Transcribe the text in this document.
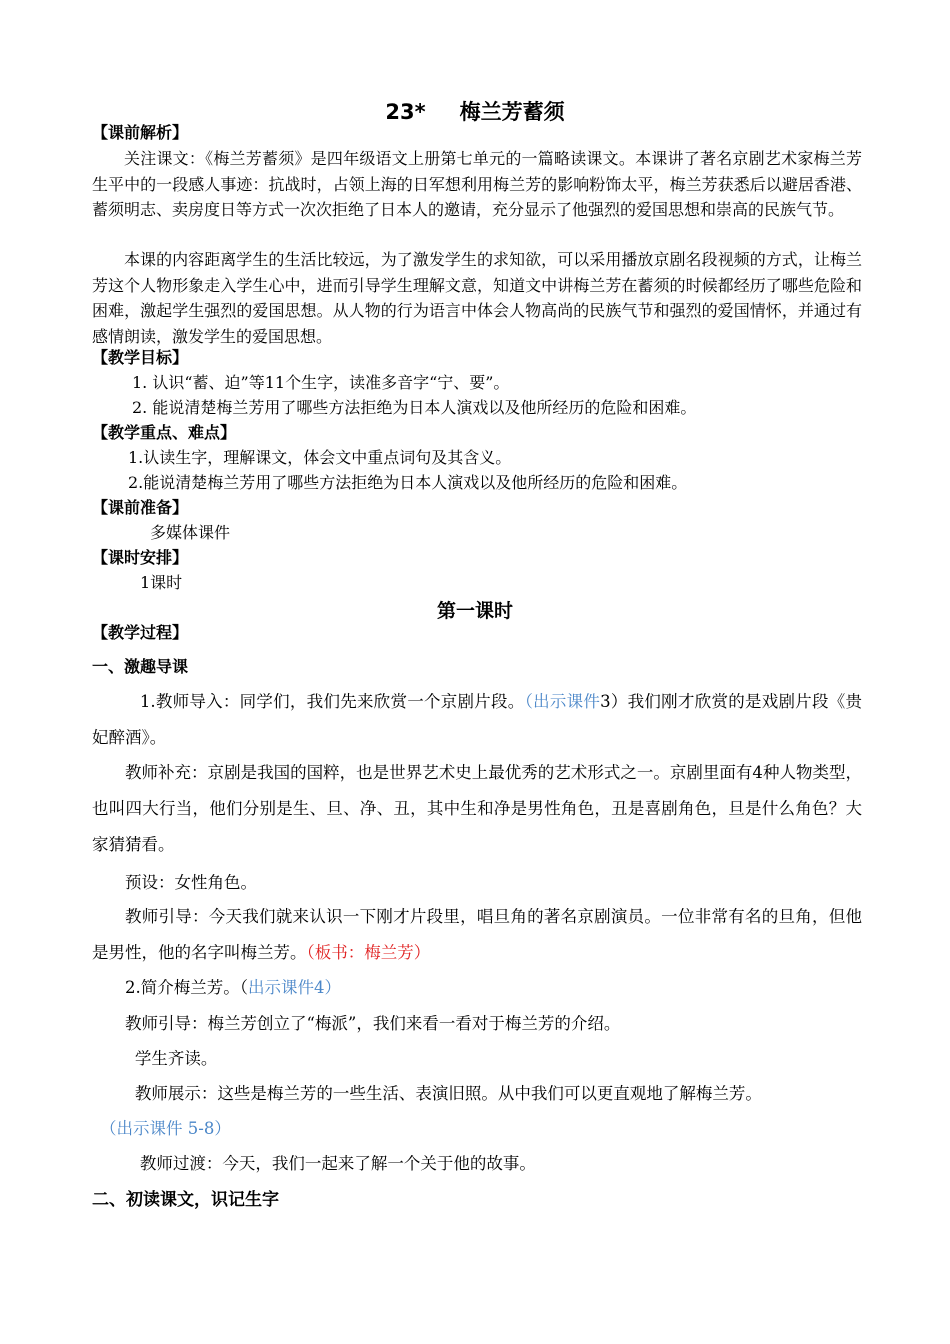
23* 梅兰芳蓄须
【课前解析】
关注课文：《梅兰芳蓄须》是四年级语文上册第七单元的一篇略读课文。本课讲了著名京剧艺术家梅兰芳生平中的一段感人事迹：抗战时，占领上海的日军想利用梅兰芳的影响粉饰太平，梅兰芳获悉后以避居香港、蓄须明志、卖房度日等方式一次次拒绝了日本人的邀请，充分显示了他强烈的爱国思想和崇高的民族气节。
本课的内容距离学生的生活比较远，为了激发学生的求知欲，可以采用播放京剧名段视频的方式，让梅兰芳这个人物形象走入学生心中，进而引导学生理解文意，知道文中讲梅兰芳在蓄须的时候都经历了哪些危险和困难，激起学生强烈的爱国思想。从人物的行为语言中体会人物高尚的民族气节和强烈的爱国情怀，并通过有感情朗读，激发学生的爱国思想。
【教学目标】
1. 认识“蓄、迫”等11个生字，读准多音字“宁、要”。
2. 能说清楚梅兰芳用了哪些方法拒绝为日本人演戏以及他所经历的危险和困难。
【教学重点、难点】
1.认读生字，理解课文，体会文中重点词句及其含义。
2.能说清楚梅兰芳用了哪些方法拒绝为日本人演戏以及他所经历的危险和困难。
【课前准备】
多媒体课件
【课时安排】
1课时
第一课时
【教学过程】
一、激趣导课
1.教师导入：同学们，我们先来欣赏一个京剧片段。（出示课件3）我们刚才欣赏的是戏剧片段《贵妃醉酒》。
教师补充：京剧是我国的国粹，也是世界艺术史上最优秀的艺术形式之一。京剧里面有4种人物类型，也叫四大行当，他们分别是生、旦、净、丑，其中生和净是男性角色，丑是喜剧角色，旦是什么角色？大家猜猜看。
预设：女性角色。
教师引导：今天我们就来认识一下刚才片段里，唱旦角的著名京剧演员。一位非常有名的旦角，但他是男性，他的名字叫梅兰芳。（板书：梅兰芳）
2.简介梅兰芳。（出示课件4）
教师引导：梅兰芳创立了“梅派”，我们来看一看对于梅兰芳的介绍。
学生齐读。
教师展示：这些是梅兰芳的一些生活、表演旧照。从中我们可以更直观地了解梅兰芳。
（出示课件 5-8）
教师过渡：今天，我们一起来了解一个关于他的故事。
二、初读课文，识记生字
